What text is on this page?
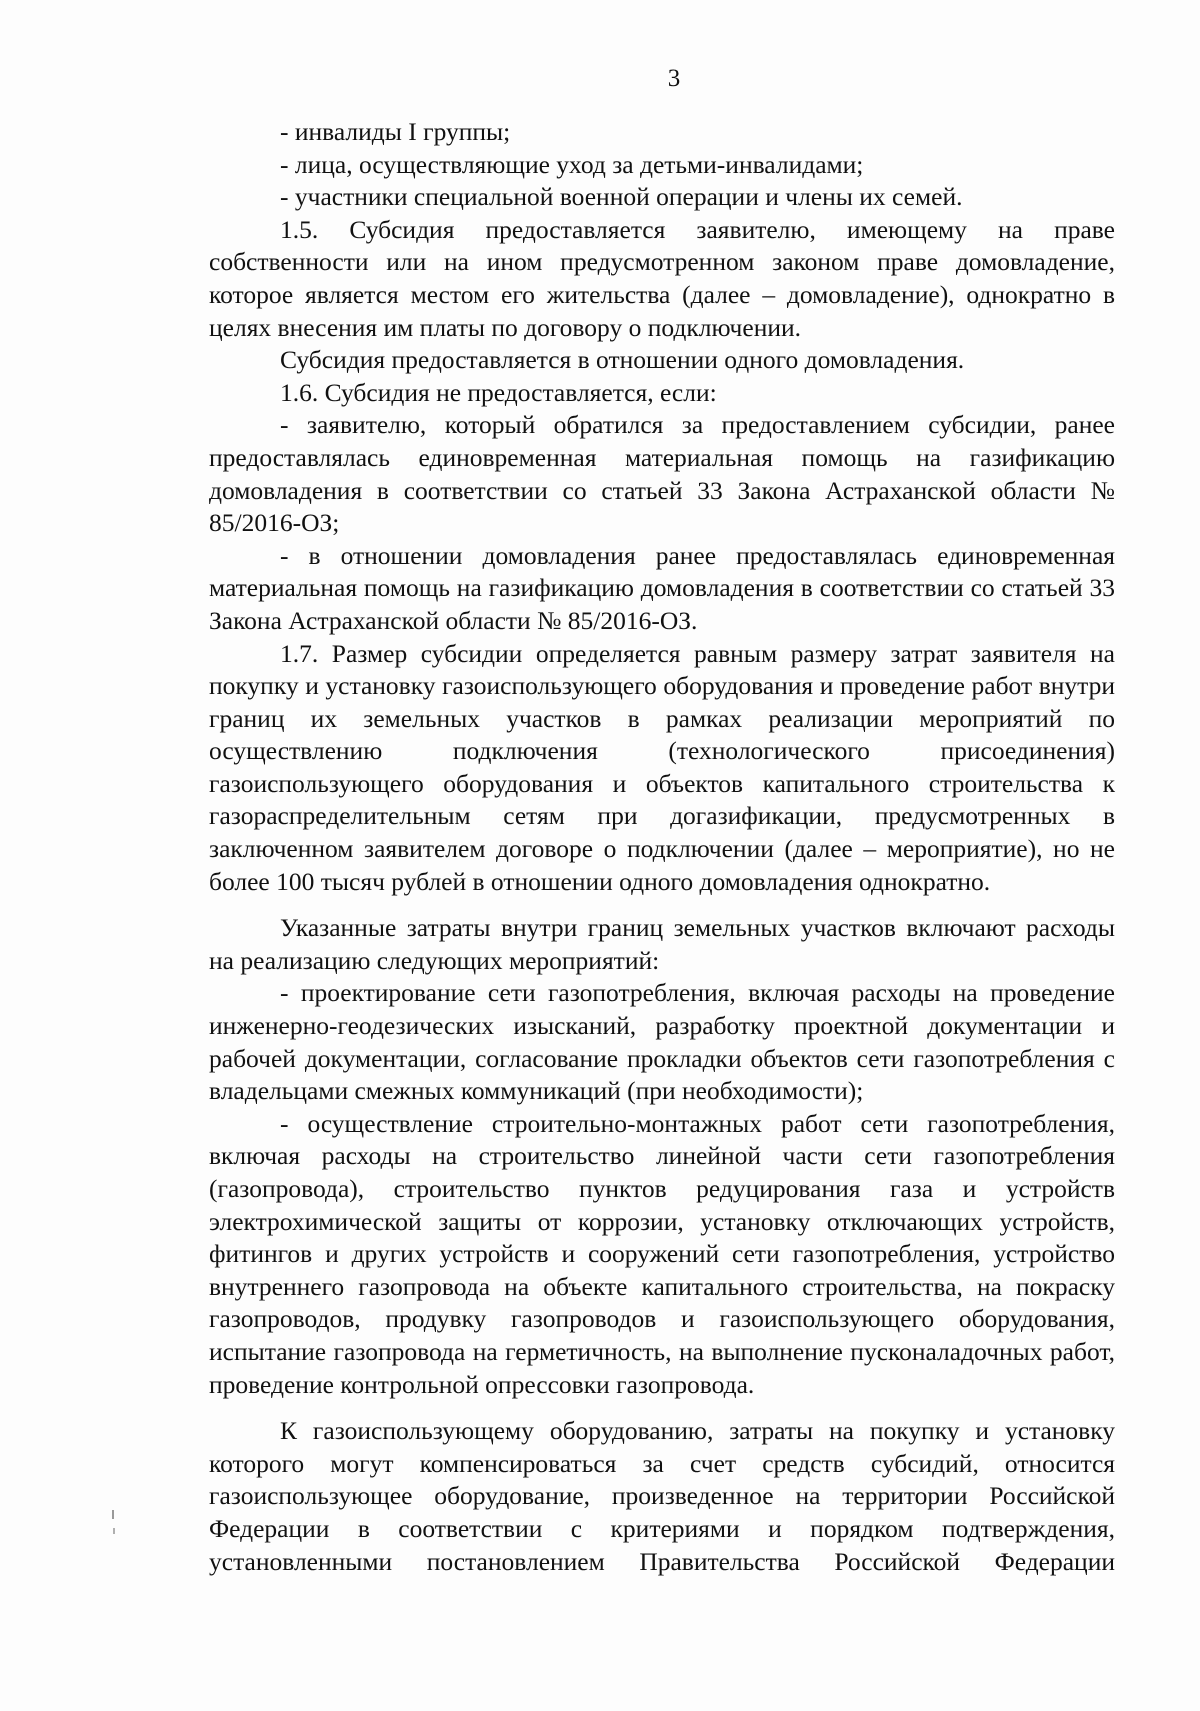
3

- инвалиды I группы;

- лица, осуществляющие уход за детьми-инвалидами;

- участники специальной военной операции и члены их семей.

1.5. Субсидия предоставляется заявителю, имеющему на праве собственности или на ином предусмотренном законом праве домовладение, которое является местом его жительства (далее – домовладение), однократно в целях внесения им платы по договору о подключении.

Субсидия предоставляется в отношении одного домовладения.

1.6. Субсидия не предоставляется, если:

- заявителю, который обратился за предоставлением субсидии, ранее предоставлялась единовременная материальная помощь на газификацию домовладения в соответствии со статьей 33 Закона Астраханской области № 85/2016-ОЗ;

- в отношении домовладения ранее предоставлялась единовременная материальная помощь на газификацию домовладения в соответствии со статьей 33 Закона Астраханской области № 85/2016-ОЗ.

1.7. Размер субсидии определяется равным размеру затрат заявителя на покупку и установку газоиспользующего оборудования и проведение работ внутри границ их земельных участков в рамках реализации мероприятий по осуществлению подключения (технологического присоединения) газоиспользующего оборудования и объектов капитального строительства к газораспределительным сетям при догазификации, предусмотренных в заключенном заявителем договоре о подключении (далее – мероприятие), но не более 100 тысяч рублей в отношении одного домовладения однократно.

Указанные затраты внутри границ земельных участков включают расходы на реализацию следующих мероприятий:

- проектирование сети газопотребления, включая расходы на проведение инженерно-геодезических изысканий, разработку проектной документации и рабочей документации, согласование прокладки объектов сети газопотребления с владельцами смежных коммуникаций (при необходимости);

- осуществление строительно-монтажных работ сети газопотребления, включая расходы на строительство линейной части сети газопотребления (газопровода), строительство пунктов редуцирования газа и устройств электрохимической защиты от коррозии, установку отключающих устройств, фитингов и других устройств и сооружений сети газопотребления, устройство внутреннего газопровода на объекте капитального строительства, на покраску газопроводов, продувку газопроводов и газоиспользующего оборудования, испытание газопровода на герметичность, на выполнение пусконаладочных работ, проведение контрольной опрессовки газопровода.

К газоиспользующему оборудованию, затраты на покупку и установку которого могут компенсироваться за счет средств субсидий, относится газоиспользующее оборудование, произведенное на территории Российской Федерации в соответствии с критериями и порядком подтверждения, установленными постановлением Правительства Российской Федерации
